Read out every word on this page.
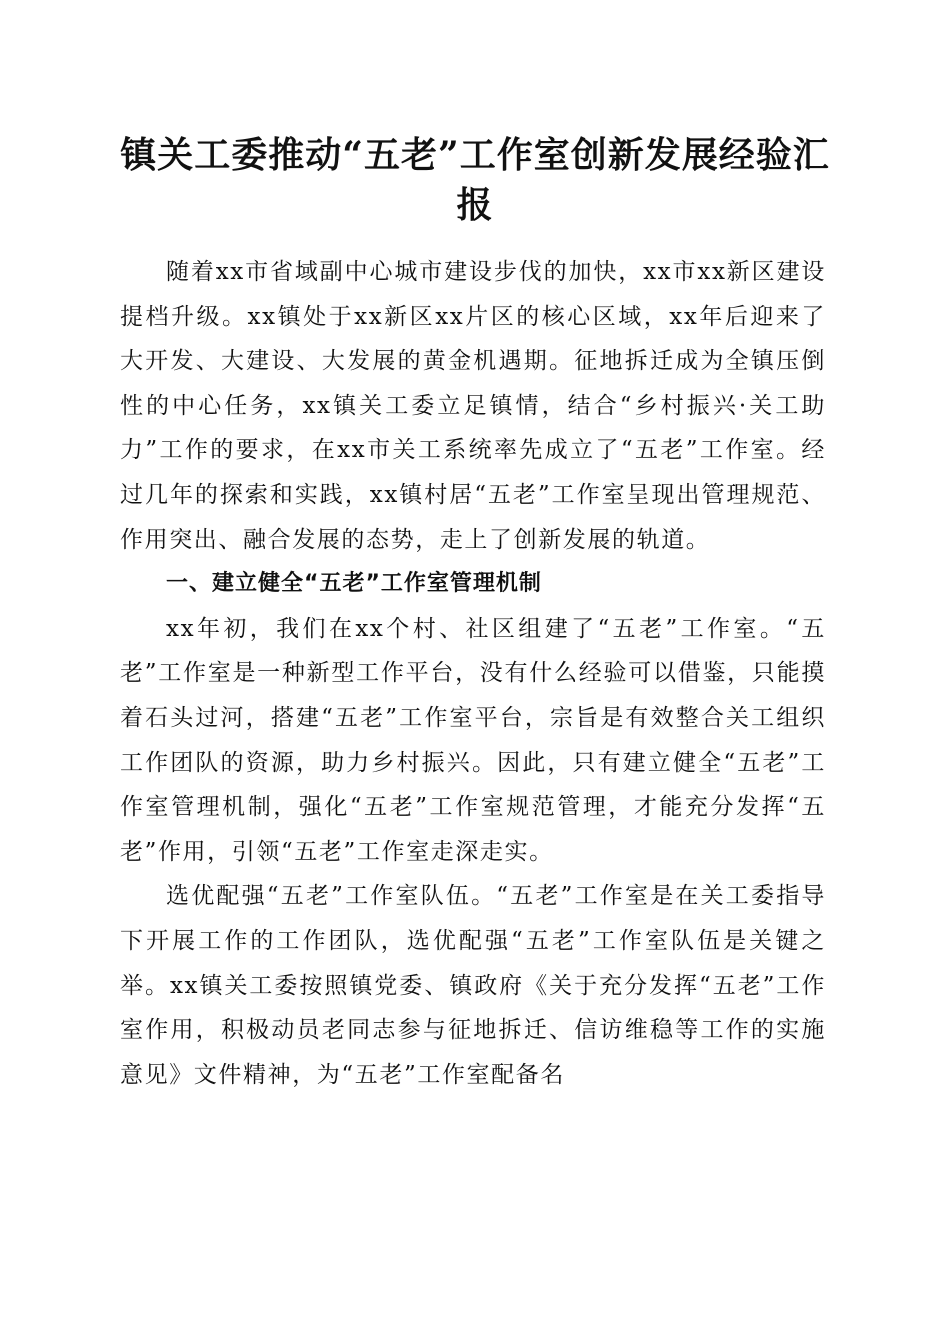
镇关工委推动“五老”工作室创新发展经验汇报

随着xx市省域副中心城市建设步伐的加快，xx市xx新区建设提档升级。xx镇处于xx新区xx片区的核心区域，xx年后迎来了大开发、大建设、大发展的黄金机遇期。征地拆迁成为全镇压倒性的中心任务，xx镇关工委立足镇情，结合“乡村振兴·关工助力”工作的要求，在xx市关工系统率先成立了“五老”工作室。经过几年的探索和实践，xx镇村居“五老”工作室呈现出管理规范、作用突出、融合发展的态势，走上了创新发展的轨道。

一、建立健全“五老”工作室管理机制

xx年初，我们在xx个村、社区组建了“五老”工作室。“五老”工作室是一种新型工作平台，没有什么经验可以借鉴，只能摸着石头过河，搭建“五老”工作室平台，宗旨是有效整合关工组织工作团队的资源，助力乡村振兴。因此，只有建立健全“五老”工作室管理机制，强化“五老”工作室规范管理，才能充分发挥“五老”作用，引领“五老”工作室走深走实。

选优配强“五老”工作室队伍。“五老”工作室是在关工委指导下开展工作的工作团队，选优配强“五老”工作室队伍是关键之举。xx镇关工委按照镇党委、镇政府《关于充分发挥“五老”工作室作用，积极动员老同志参与征地拆迁、信访维稳等工作的实施意见》文件精神，为“五老”工作室配备名
